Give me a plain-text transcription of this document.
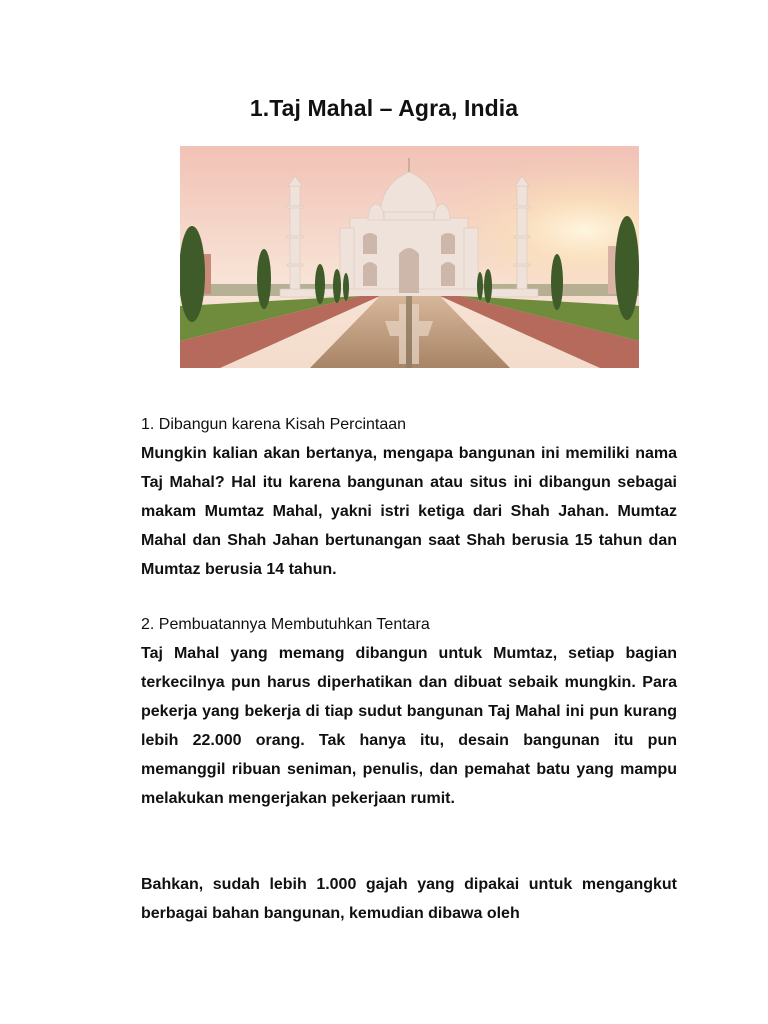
1.Taj Mahal – Agra, India

1. Dibangun karena Kisah Percintaan

Mungkin kalian akan bertanya, mengapa bangunan ini memiliki nama Taj Mahal? Hal itu karena bangunan atau situs ini dibangun sebagai makam Mumtaz Mahal, yakni istri ketiga dari Shah Jahan. Mumtaz Mahal dan Shah Jahan bertunangan saat Shah berusia 15 tahun dan Mumtaz berusia 14 tahun.

2. Pembuatannya Membutuhkan Tentara

Taj Mahal yang memang dibangun untuk Mumtaz, setiap bagian terkecilnya pun harus diperhatikan dan dibuat sebaik mungkin. Para pekerja yang bekerja di tiap sudut bangunan Taj Mahal ini pun kurang lebih 22.000 orang. Tak hanya itu, desain bangunan itu pun memanggil ribuan seniman, penulis, dan pemahat batu yang mampu melakukan mengerjakan pekerjaan rumit.

Bahkan, sudah lebih 1.000 gajah yang dipakai untuk mengangkut berbagai bahan bangunan, kemudian dibawa oleh
